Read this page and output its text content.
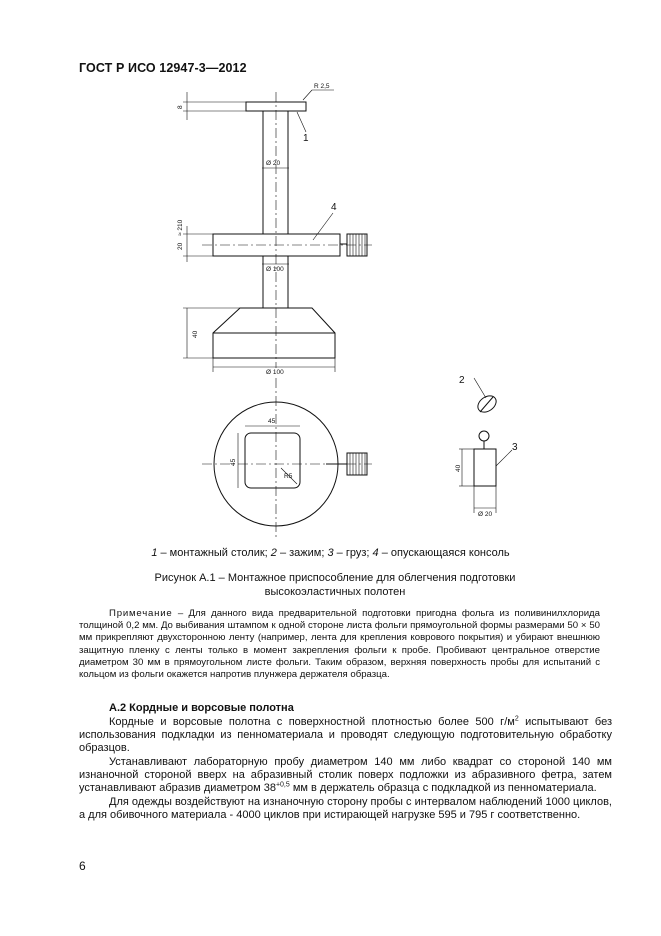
ГОСТ Р ИСО 12947-3—2012
R 2,5
8
Ø 20
≈ 210
20
Ø 100
40
Ø 100
45
45
R5
40
Ø 20
1
4
2
3
1 – монтажный столик; 2 – зажим; 3 – груз; 4 – опускающаяся консоль
Рисунок А.1 – Монтажное приспособление для облегчения подготовки высокоэластичных полотен
Примечание – Для данного вида предварительной подготовки пригодна фольга из поливинилхлорида толщиной 0,2 мм. До выбивания штампом к одной стороне листа фольги прямоугольной формы размерами 50 × 50 мм прикрепляют двухсторонною ленту (например, лента для крепления коврового покрытия) и убирают внешнюю защитную пленку с ленты только в момент закрепления фольги к пробе. Пробивают центральное отверстие диаметром 30 мм в прямоугольном листе фольги. Таким образом, верхняя поверхность пробы для испытаний с кольцом из фольги окажется напротив плунжера держателя образца.
А.2 Кордные и ворсовые полотна
Кордные и ворсовые полотна с поверхностной плотностью более 500 $г/м^2$ испытывают без использования подкладки из пенноматериала и проводят следующую подготовительную обработку образцов.
Устанавливают лабораторную пробу диаметром 140 мм либо квадрат со стороной 140 мм изнаночной стороной вверх на абразивный столик поверх подложки из абразивного фетра, затем устанавливают абразив диаметром $38^{+0,5}$ мм в держатель образца с подкладкой из пенноматериала.
Для одежды воздействуют на изнаночную сторону пробы с интервалом наблюдений 1000 циклов, а для обивочного материала - 4000 циклов при истирающей нагрузке 595 и 795 г соответственно.
6
